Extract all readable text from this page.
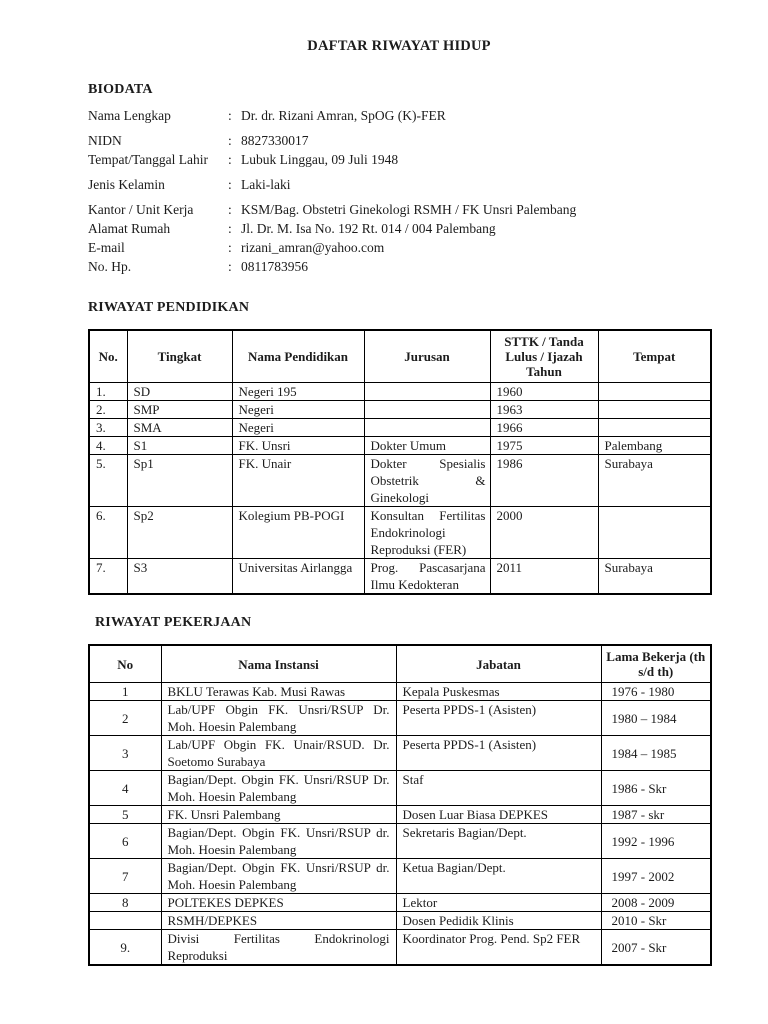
DAFTAR RIWAYAT HIDUP
BIODATA
Nama Lengkap	: Dr. dr. Rizani Amran, SpOG (K)-FER
NIDN	: 8827330017
Tempat/Tanggal Lahir	: Lubuk Linggau, 09 Juli 1948
Jenis Kelamin	: Laki-laki
Kantor / Unit Kerja	: KSM/Bag. Obstetri Ginekologi RSMH / FK Unsri Palembang
Alamat Rumah	: Jl. Dr. M. Isa No. 192 Rt. 014 / 004 Palembang
E-mail	: rizani_amran@yahoo.com
No. Hp.	: 0811783956
RIWAYAT PENDIDIKAN
No.	Tingkat	Nama Pendidikan	Jurusan	STTK / Tanda Lulus / Ijazah Tahun	Tempat
1.	SD	Negeri 195		1960	
2.	SMP	Negeri		1963	
3.	SMA	Negeri		1966	
4.	S1	FK. Unsri	Dokter Umum	1975	Palembang
5.	Sp1	FK. Unair	Dokter Spesialis Obstetrik & Ginekologi	1986	Surabaya
6.	Sp2	Kolegium PB-POGI	Konsultan Fertilitas Endokrinologi Reproduksi (FER)	2000	
7.	S3	Universitas Airlangga	Prog. Pascasarjana Ilmu Kedokteran	2011	Surabaya
RIWAYAT PEKERJAAN
No	Nama Instansi	Jabatan	Lama Bekerja (th s/d th)
1	BKLU Terawas Kab. Musi Rawas	Kepala Puskesmas	1976 - 1980
2	Lab/UPF Obgin FK. Unsri/RSUP Dr. Moh. Hoesin Palembang	Peserta PPDS-1 (Asisten)	1980 – 1984
3	Lab/UPF Obgin FK. Unair/RSUD. Dr. Soetomo Surabaya	Peserta PPDS-1 (Asisten)	1984 – 1985
4	Bagian/Dept. Obgin FK. Unsri/RSUP Dr. Moh. Hoesin Palembang	Staf	1986 - Skr
5	FK. Unsri Palembang	Dosen Luar Biasa DEPKES	1987 - skr
6	Bagian/Dept. Obgin FK. Unsri/RSUP dr. Moh. Hoesin Palembang	Sekretaris Bagian/Dept.	1992 - 1996
7	Bagian/Dept. Obgin FK. Unsri/RSUP dr. Moh. Hoesin Palembang	Ketua Bagian/Dept.	1997 - 2002
8	POLTEKES DEPKES	Lektor	2008 - 2009
	RSMH/DEPKES	Dosen Pedidik Klinis	2010 - Skr
9.	Divisi Fertilitas Endokrinologi Reproduksi	Koordinator Prog. Pend. Sp2 FER	2007 - Skr
